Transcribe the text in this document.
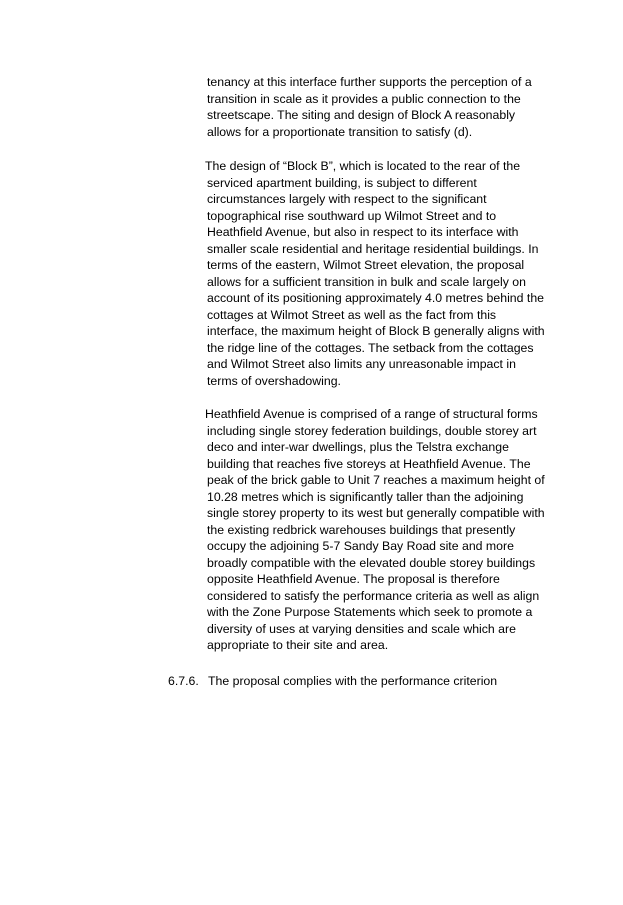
tenancy at this interface further supports the perception of a

transition in scale as it provides a public connection to the

streetscape. The siting and design of Block A reasonably

allows for a proportionate transition to satisfy (d).

The design of “Block B”, which is located to the rear of the

serviced apartment building, is subject to different

circumstances largely with respect to the significant

topographical rise southward up Wilmot Street and to

Heathfield Avenue, but also in respect to its interface with

smaller scale residential and heritage residential buildings. In

terms of the eastern, Wilmot Street elevation, the proposal

allows for a sufficient transition in bulk and scale largely on

account of its positioning approximately 4.0 metres behind the

cottages at Wilmot Street as well as the fact from this

interface, the maximum height of Block B generally aligns with

the ridge line of the cottages. The setback from the cottages

and Wilmot Street also limits any unreasonable impact in

terms of overshadowing.

Heathfield Avenue is comprised of a range of structural forms

including single storey federation buildings, double storey art

deco and inter-war dwellings, plus the Telstra exchange

building that reaches five storeys at Heathfield Avenue. The

peak of the brick gable to Unit 7 reaches a maximum height of

10.28 metres which is significantly taller than the adjoining

single storey property to its west but generally compatible with

the existing redbrick warehouses buildings that presently

occupy the adjoining 5-7 Sandy Bay Road site and more

broadly compatible with the elevated double storey buildings

opposite Heathfield Avenue. The proposal is therefore

considered to satisfy the performance criteria as well as align

with the Zone Purpose Statements which seek to promote a

diversity of uses at varying densities and scale which are

appropriate to their site and area.

6.7.6. The proposal complies with the performance criterion
